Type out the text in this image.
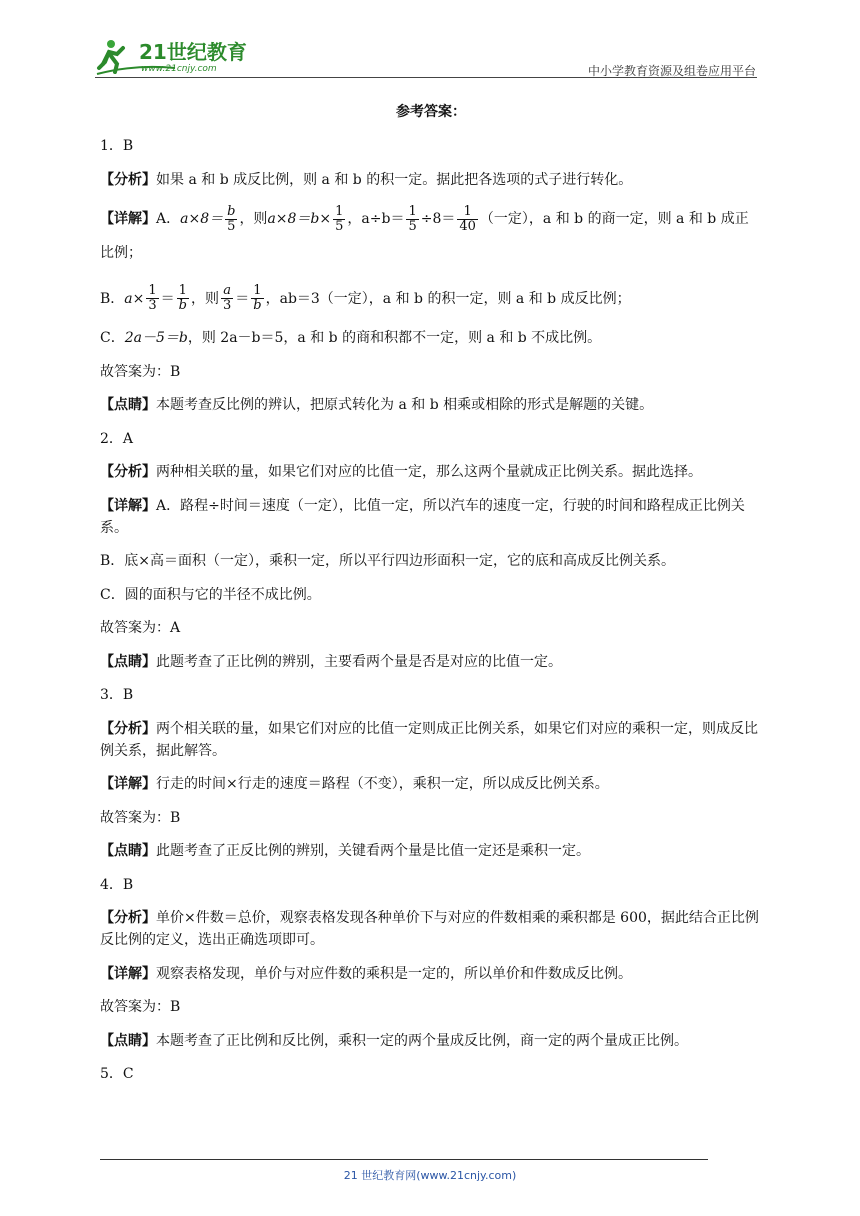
21世纪教育
www.21cnjy.com	中小学教育资源及组卷应用平台
参考答案：
1．B
【分析】如果 a 和 b 成反比例，则 a 和 b 的积一定。据此把各选项的式子进行转化。
【详解】A．$a\times 8= \frac{b}{5}$ ，则$a\times 8=b\times \frac{1}{5}$ ，$a\div b= \frac{1}{5} \div 8= \frac{1}{40}$ （一定），a 和 b 的商一定，则 a 和 b 成正比例；
B．$a\times \frac{1}{3} = \frac{1}{b}$ ，则 $\frac{a}{3} = \frac{1}{b}$ ，ab＝3（一定），a 和 b 的积一定，则 a 和 b 成反比例；
C．2a－5＝b，则 2a－b＝5，a 和 b 的商和积都不一定，则 a 和 b 不成比例。
故答案为：B
【点睛】本题考查反比例的辨认，把原式转化为 a 和 b 相乘或相除的形式是解题的关键。
2．A
【分析】两种相关联的量，如果它们对应的比值一定，那么这两个量就成正比例关系。据此选择。
【详解】A．路程÷时间＝速度（一定），比值一定，所以汽车的速度一定，行驶的时间和路程成正比例关系。
B．底×高＝面积（一定），乘积一定，所以平行四边形面积一定，它的底和高成反比例关系。
C．圆的面积与它的半径不成比例。
故答案为：A
【点睛】此题考查了正比例的辨别，主要看两个量是否是对应的比值一定。
3．B
【分析】两个相关联的量，如果它们对应的比值一定则成正比例关系，如果它们对应的乘积一定，则成反比例关系，据此解答。
【详解】行走的时间×行走的速度＝路程（不变），乘积一定，所以成反比例关系。
故答案为：B
【点睛】此题考查了正反比例的辨别，关键看两个量是比值一定还是乘积一定。
4．B
【分析】单价×件数＝总价，观察表格发现各种单价下与对应的件数相乘的乘积都是 600，据此结合正比例反比例的定义，选出正确选项即可。
【详解】观察表格发现，单价与对应件数的乘积是一定的，所以单价和件数成反比例。
故答案为：B
【点睛】本题考查了正比例和反比例，乘积一定的两个量成反比例，商一定的两个量成正比例。
5．C
21 世纪教育网(www.21cnjy.com)
